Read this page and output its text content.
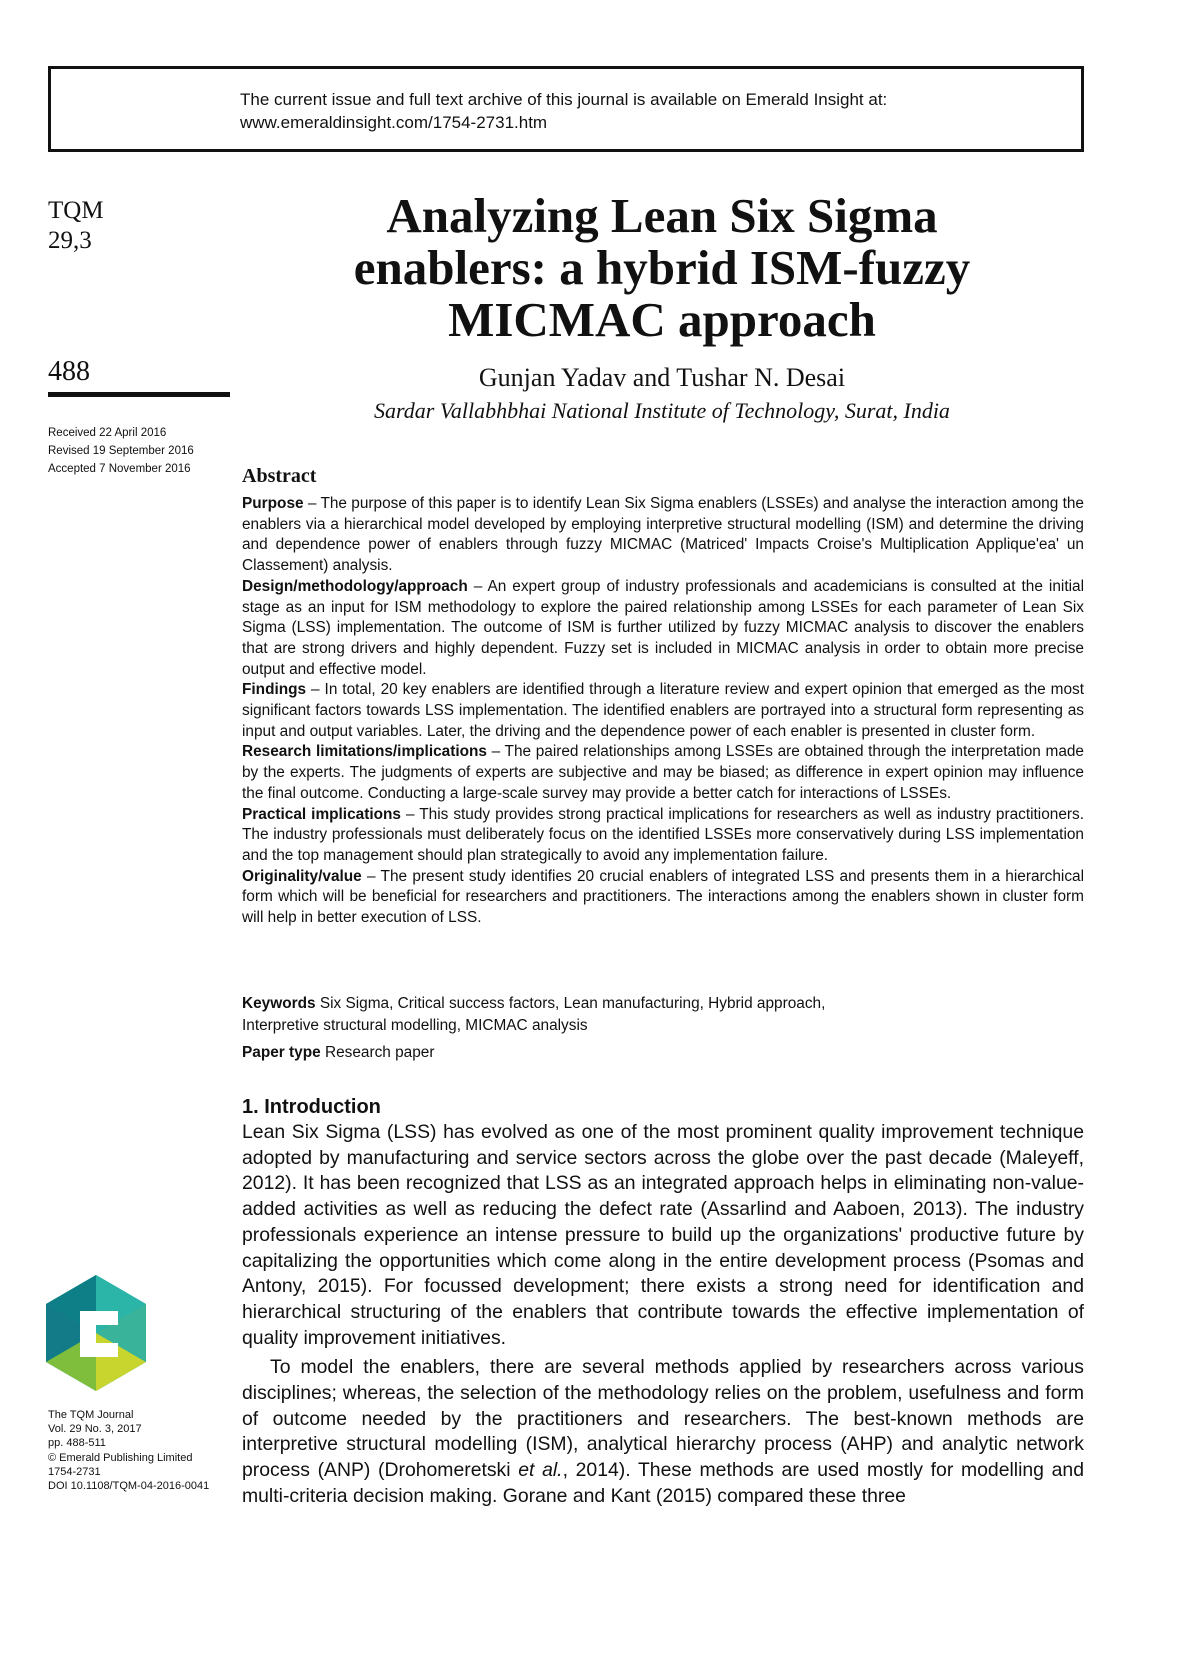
The current issue and full text archive of this journal is available on Emerald Insight at:
www.emeraldinsight.com/1754-2731.htm
TQM
29,3
488
Received 22 April 2016
Revised 19 September 2016
Accepted 7 November 2016
Analyzing Lean Six Sigma
enablers: a hybrid ISM-fuzzy
MICMAC approach
Gunjan Yadav and Tushar N. Desai
Sardar Vallabhbhai National Institute of Technology, Surat, India
Abstract

Purpose – The purpose of this paper is to identify Lean Six Sigma enablers (LSSEs) and analyse the interaction among the enablers via a hierarchical model developed by employing interpretive structural modelling (ISM) and determine the driving and dependence power of enablers through fuzzy MICMAC (Matriced' Impacts Croise's Multiplication Applique'ea' un Classement) analysis.

Design/methodology/approach – An expert group of industry professionals and academicians is consulted at the initial stage as an input for ISM methodology to explore the paired relationship among LSSEs for each parameter of Lean Six Sigma (LSS) implementation. The outcome of ISM is further utilized by fuzzy MICMAC analysis to discover the enablers that are strong drivers and highly dependent. Fuzzy set is included in MICMAC analysis in order to obtain more precise output and effective model.

Findings – In total, 20 key enablers are identified through a literature review and expert opinion that emerged as the most significant factors towards LSS implementation. The identified enablers are portrayed into a structural form representing as input and output variables. Later, the driving and the dependence power of each enabler is presented in cluster form.

Research limitations/implications – The paired relationships among LSSEs are obtained through the interpretation made by the experts. The judgments of experts are subjective and may be biased; as difference in expert opinion may influence the final outcome. Conducting a large-scale survey may provide a better catch for interactions of LSSEs.

Practical implications – This study provides strong practical implications for researchers as well as industry practitioners. The industry professionals must deliberately focus on the identified LSSEs more conservatively during LSS implementation and the top management should plan strategically to avoid any implementation failure.

Originality/value – The present study identifies 20 crucial enablers of integrated LSS and presents them in a hierarchical form which will be beneficial for researchers and practitioners. The interactions among the enablers shown in cluster form will help in better execution of LSS.

Keywords Six Sigma, Critical success factors, Lean manufacturing, Hybrid approach,
Interpretive structural modelling, MICMAC analysis
Paper type Research paper
1. Introduction

Lean Six Sigma (LSS) has evolved as one of the most prominent quality improvement technique adopted by manufacturing and service sectors across the globe over the past decade (Maleyeff, 2012). It has been recognized that LSS as an integrated approach helps in eliminating non-value-added activities as well as reducing the defect rate (Assarlind and Aaboen, 2013). The industry professionals experience an intense pressure to build up the organizations' productive future by capitalizing the opportunities which come along in the entire development process (Psomas and Antony, 2015). For focussed development; there exists a strong need for identification and hierarchical structuring of the enablers that contribute towards the effective implementation of quality improvement initiatives.

To model the enablers, there are several methods applied by researchers across various disciplines; whereas, the selection of the methodology relies on the problem, usefulness and form of outcome needed by the practitioners and researchers. The best-known methods are interpretive structural modelling (ISM), analytical hierarchy process (AHP) and analytic network process (ANP) (Drohomeretski et al., 2014). These methods are used mostly for modelling and multi-criteria decision making. Gorane and Kant (2015) compared these three

The TQM Journal
Vol. 29 No. 3, 2017
pp. 488-511
© Emerald Publishing Limited
1754-2731
DOI 10.1108/TQM-04-2016-0041
